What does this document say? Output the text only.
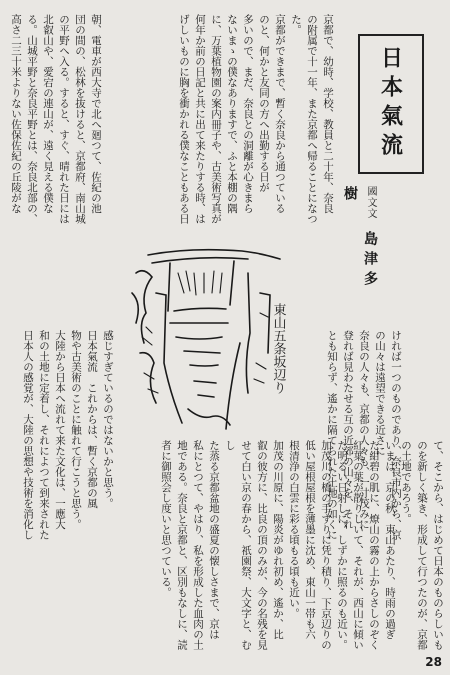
京都で、幼時、学校、教員と二十年、奈良
の附属で十一年、また京都へ帰ることになつ
た。
京都ができまで、暫く奈良から通つている
のと、何かと友同の方へ出勤する日が
多いので、まだ、奈良との洞離が心きまら
ないまゝの僕なありますで、ふと本棚の隅
に、万葉植物園の案内冊子や、古美術写真が
何年か前の日記と共に出て来たりする時、は
げしいものに胸を衝かれる僕なこともある日	日本氣流
國文文 島津多樹
朝、電車が西大寺で北へ廻つて、佐紀の池
団の間の、松林を抜けると、京都府、南山城
の平野へ入る。すると、すぐ、晴れた日には
北叡山や、愛宕の連山が、遠く見える僕な
る。山城平野と奈良平野とは、奈良北部の、
高さ二三十米よりない佐保佐紀の丘陵がな
ければ一つのものであり、奈良市内から、京
の山々は遠望できる近さに
奈良の人々も、京都の人々も、一寸茂みに
登れば見わたせる互の近郊の山々を、それ
とも知らず、遙かに隔てられた土地の如くに
東山五条坂辺り
感じすぎているのではないかと思う。
日本氣流　これからは、暫く京都の風
物や古美術のことに触れて行こうと思う。
大陸から日本へ流れて来た文化は、一應大
和の土地に定着し、それによつて到来された
日本人の感覚が、大陸の思想や技術を消化し
て、そこから、はじめて日本のものらしいも
のを新しく築き、形成して行つたのが、京都
の土地であろう。
いまは、京の秋、東山あたり、時雨の過ぎ
た紺碧の肌に、燎山の霧の上からさしのぞく
紅葉の葉が散りしいて、それが、西山に傾い
た明るい日射しに、しずかに照るのも近い。
加茂川の橋の手すりに凭り積り、下京辺りの
低い屋根屋根を薄墨に沈め、東山一帯も六
根清浄の白雲に彩る頃もる頃も近い。
加茂の川原に、陽炎がゆれ初め、遙か、比
叡の彼方に、比良の頂のみが、今の名残を見
せて白い京の春から、祇園祭、大文字と、むし
た蒸る京都盆地の盛夏の懐しさまで、京は
私にとつて、やはり、私を形成した血肉の土
地である。奈良と京都と、区別もなしに、読
者に御照会し度いと思つている。
28
